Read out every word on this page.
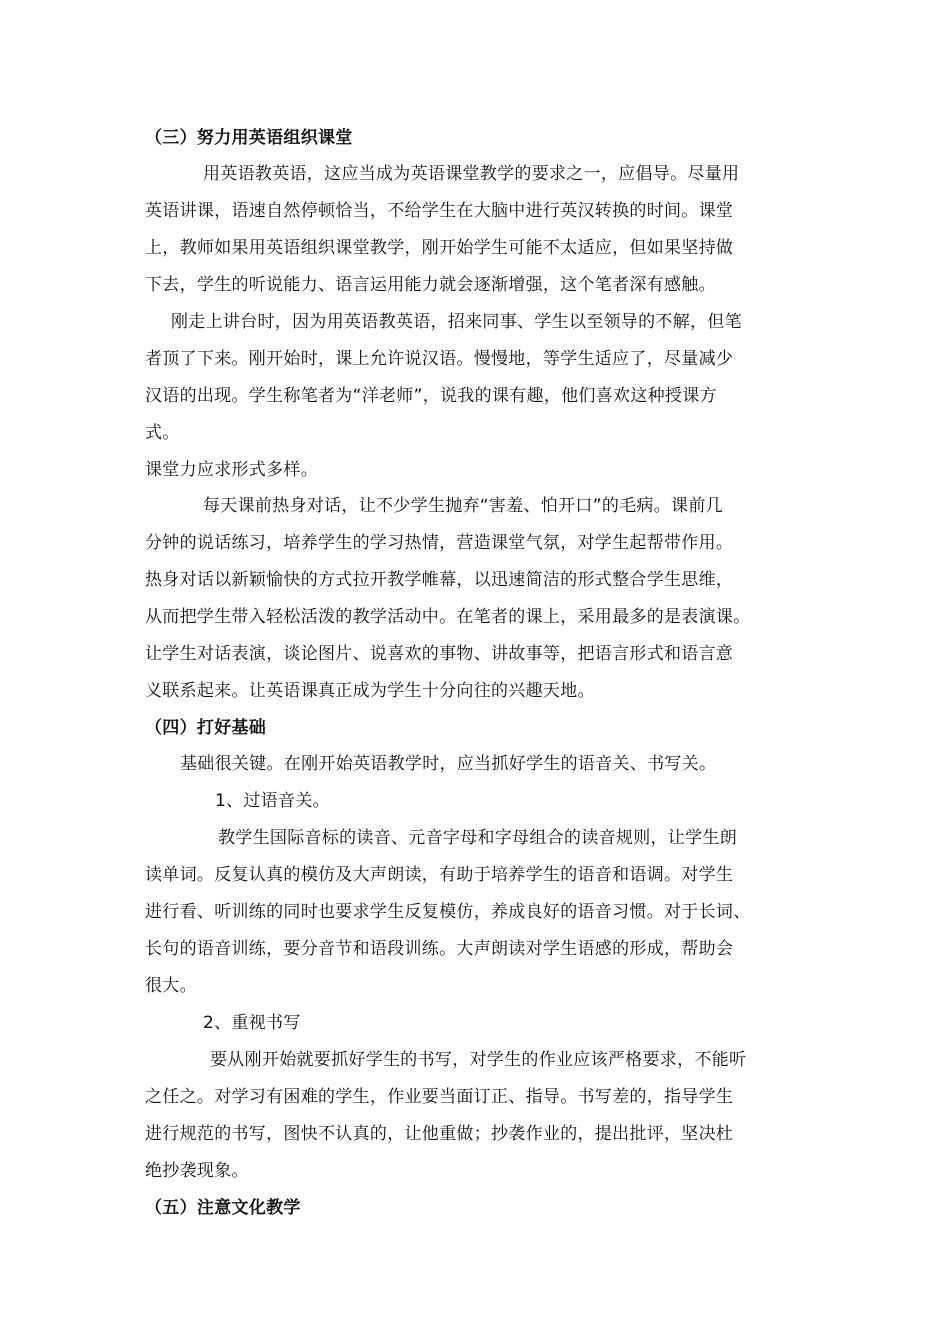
（三）努力用英语组织课堂
用英语教英语，这应当成为英语课堂教学的要求之一，应倡导。尽量用
英语讲课，语速自然停顿恰当，不给学生在大脑中进行英汉转换的时间。课堂
上，教师如果用英语组织课堂教学，刚开始学生可能不太适应，但如果坚持做
下去，学生的听说能力、语言运用能力就会逐渐增强，这个笔者深有感触。
刚走上讲台时，因为用英语教英语，招来同事、学生以至领导的不解，但笔
者顶了下来。刚开始时，课上允许说汉语。慢慢地，等学生适应了，尽量减少
汉语的出现。学生称笔者为“洋老师”，说我的课有趣，他们喜欢这种授课方
式。
课堂力应求形式多样。
每天课前热身对话，让不少学生抛弃“害羞、怕开口”的毛病。课前几
分钟的说话练习，培养学生的学习热情，营造课堂气氛，对学生起帮带作用。
热身对话以新颖愉快的方式拉开教学帷幕，以迅速简洁的形式整合学生思维，
从而把学生带入轻松活泼的教学活动中。在笔者的课上，采用最多的是表演课。
让学生对话表演，谈论图片、说喜欢的事物、讲故事等，把语言形式和语言意
义联系起来。让英语课真正成为学生十分向往的兴趣天地。
（四）打好基础
基础很关键。在刚开始英语教学时，应当抓好学生的语音关、书写关。
1、过语音关。
教学生国际音标的读音、元音字母和字母组合的读音规则，让学生朗
读单词。反复认真的模仿及大声朗读，有助于培养学生的语音和语调。对学生
进行看、听训练的同时也要求学生反复模仿，养成良好的语音习惯。对于长词、
长句的语音训练，要分音节和语段训练。大声朗读对学生语感的形成，帮助会
很大。
2、重视书写
要从刚开始就要抓好学生的书写，对学生的作业应该严格要求，不能听
之任之。对学习有困难的学生，作业要当面订正、指导。书写差的，指导学生
进行规范的书写，图快不认真的，让他重做；抄袭作业的，提出批评，坚决杜
绝抄袭现象。
（五）注意文化教学
